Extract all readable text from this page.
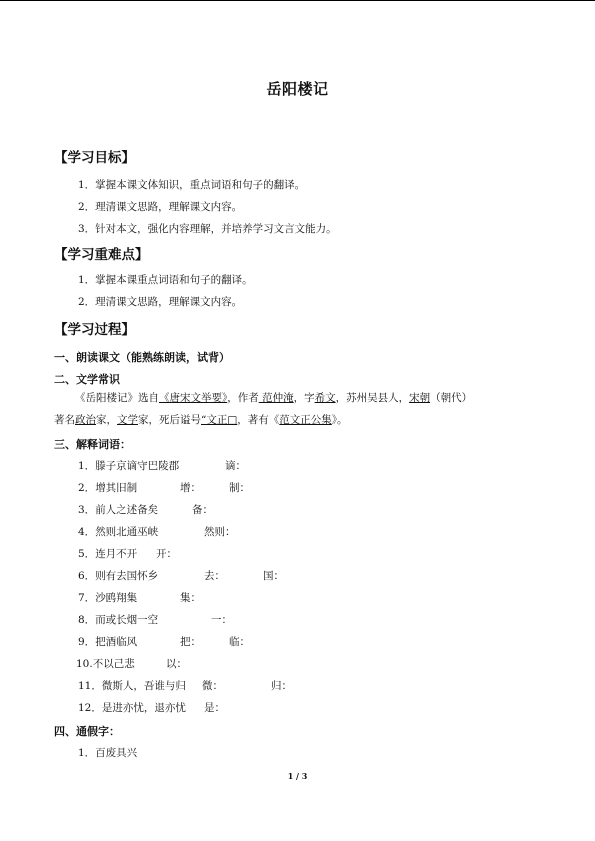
岳阳楼记
【学习目标】
1．掌握本课文体知识，重点词语和句子的翻译。
2．理清课文思路，理解课文内容。
3．针对本文，强化内容理解，并培养学习文言文能力。
【学习重难点】
1．掌握本课重点词语和句子的翻译。
2．理清课文思路，理解课文内容。
【学习过程】
一、朗读课文（能熟练朗读，试背）
二、文学常识
《岳阳楼记》选自《唐宋文举要》，作者 范仲淹，字希文，苏州吴县人，宋朝（朝代）
著名政治家，文学家，死后谥号“文正□，著有《范文正公集》。
三、解释词语：
1．滕子京谪守巴陵郡	谪：
2．增其旧制	增：	制：
3．前人之述备矣	备：
4．然则北通巫峡	然则：
5．连月不开 开：
6．则有去国怀乡	去：	国：
7．沙鸥翔集	集：
8．而或长烟一空	一：
9．把酒临风	把：	临：
10.不以己悲	以：
11．微斯人，吾谁与归 微：	归：
12．是进亦忧，退亦忧 是：
四、通假字：
1．百废具兴
1 / 3
